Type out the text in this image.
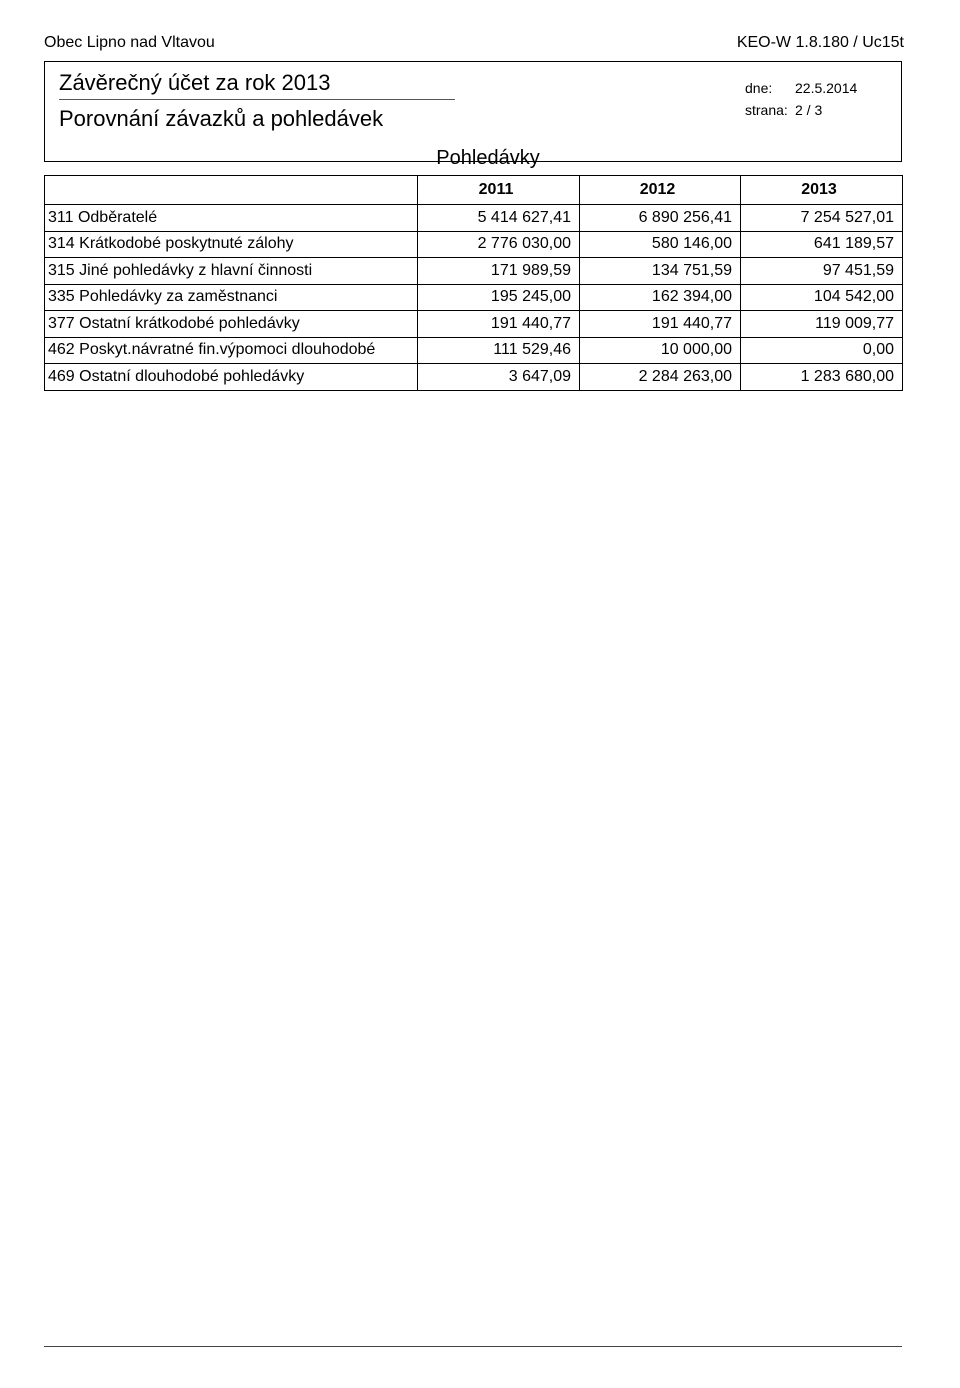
Obec Lipno nad Vltavou	KEO-W 1.8.180 / Uc15t
Závěrečný účet za rok 2013
Porovnání závazků a pohledávek
dne: 22.5.2014
strana: 2 / 3
Pohledávky
	2011	2012	2013
311 Odběratelé	5 414 627,41	6 890 256,41	7 254 527,01
314 Krátkodobé poskytnuté zálohy	2 776 030,00	580 146,00	641 189,57
315 Jiné pohledávky z hlavní činnosti	171 989,59	134 751,59	97 451,59
335 Pohledávky za zaměstnanci	195 245,00	162 394,00	104 542,00
377 Ostatní krátkodobé pohledávky	191 440,77	191 440,77	119 009,77
462 Poskyt.návratné fin.výpomoci dlouhodobé	111 529,46	10 000,00	0,00
469 Ostatní dlouhodobé pohledávky	3 647,09	2 284 263,00	1 283 680,00
